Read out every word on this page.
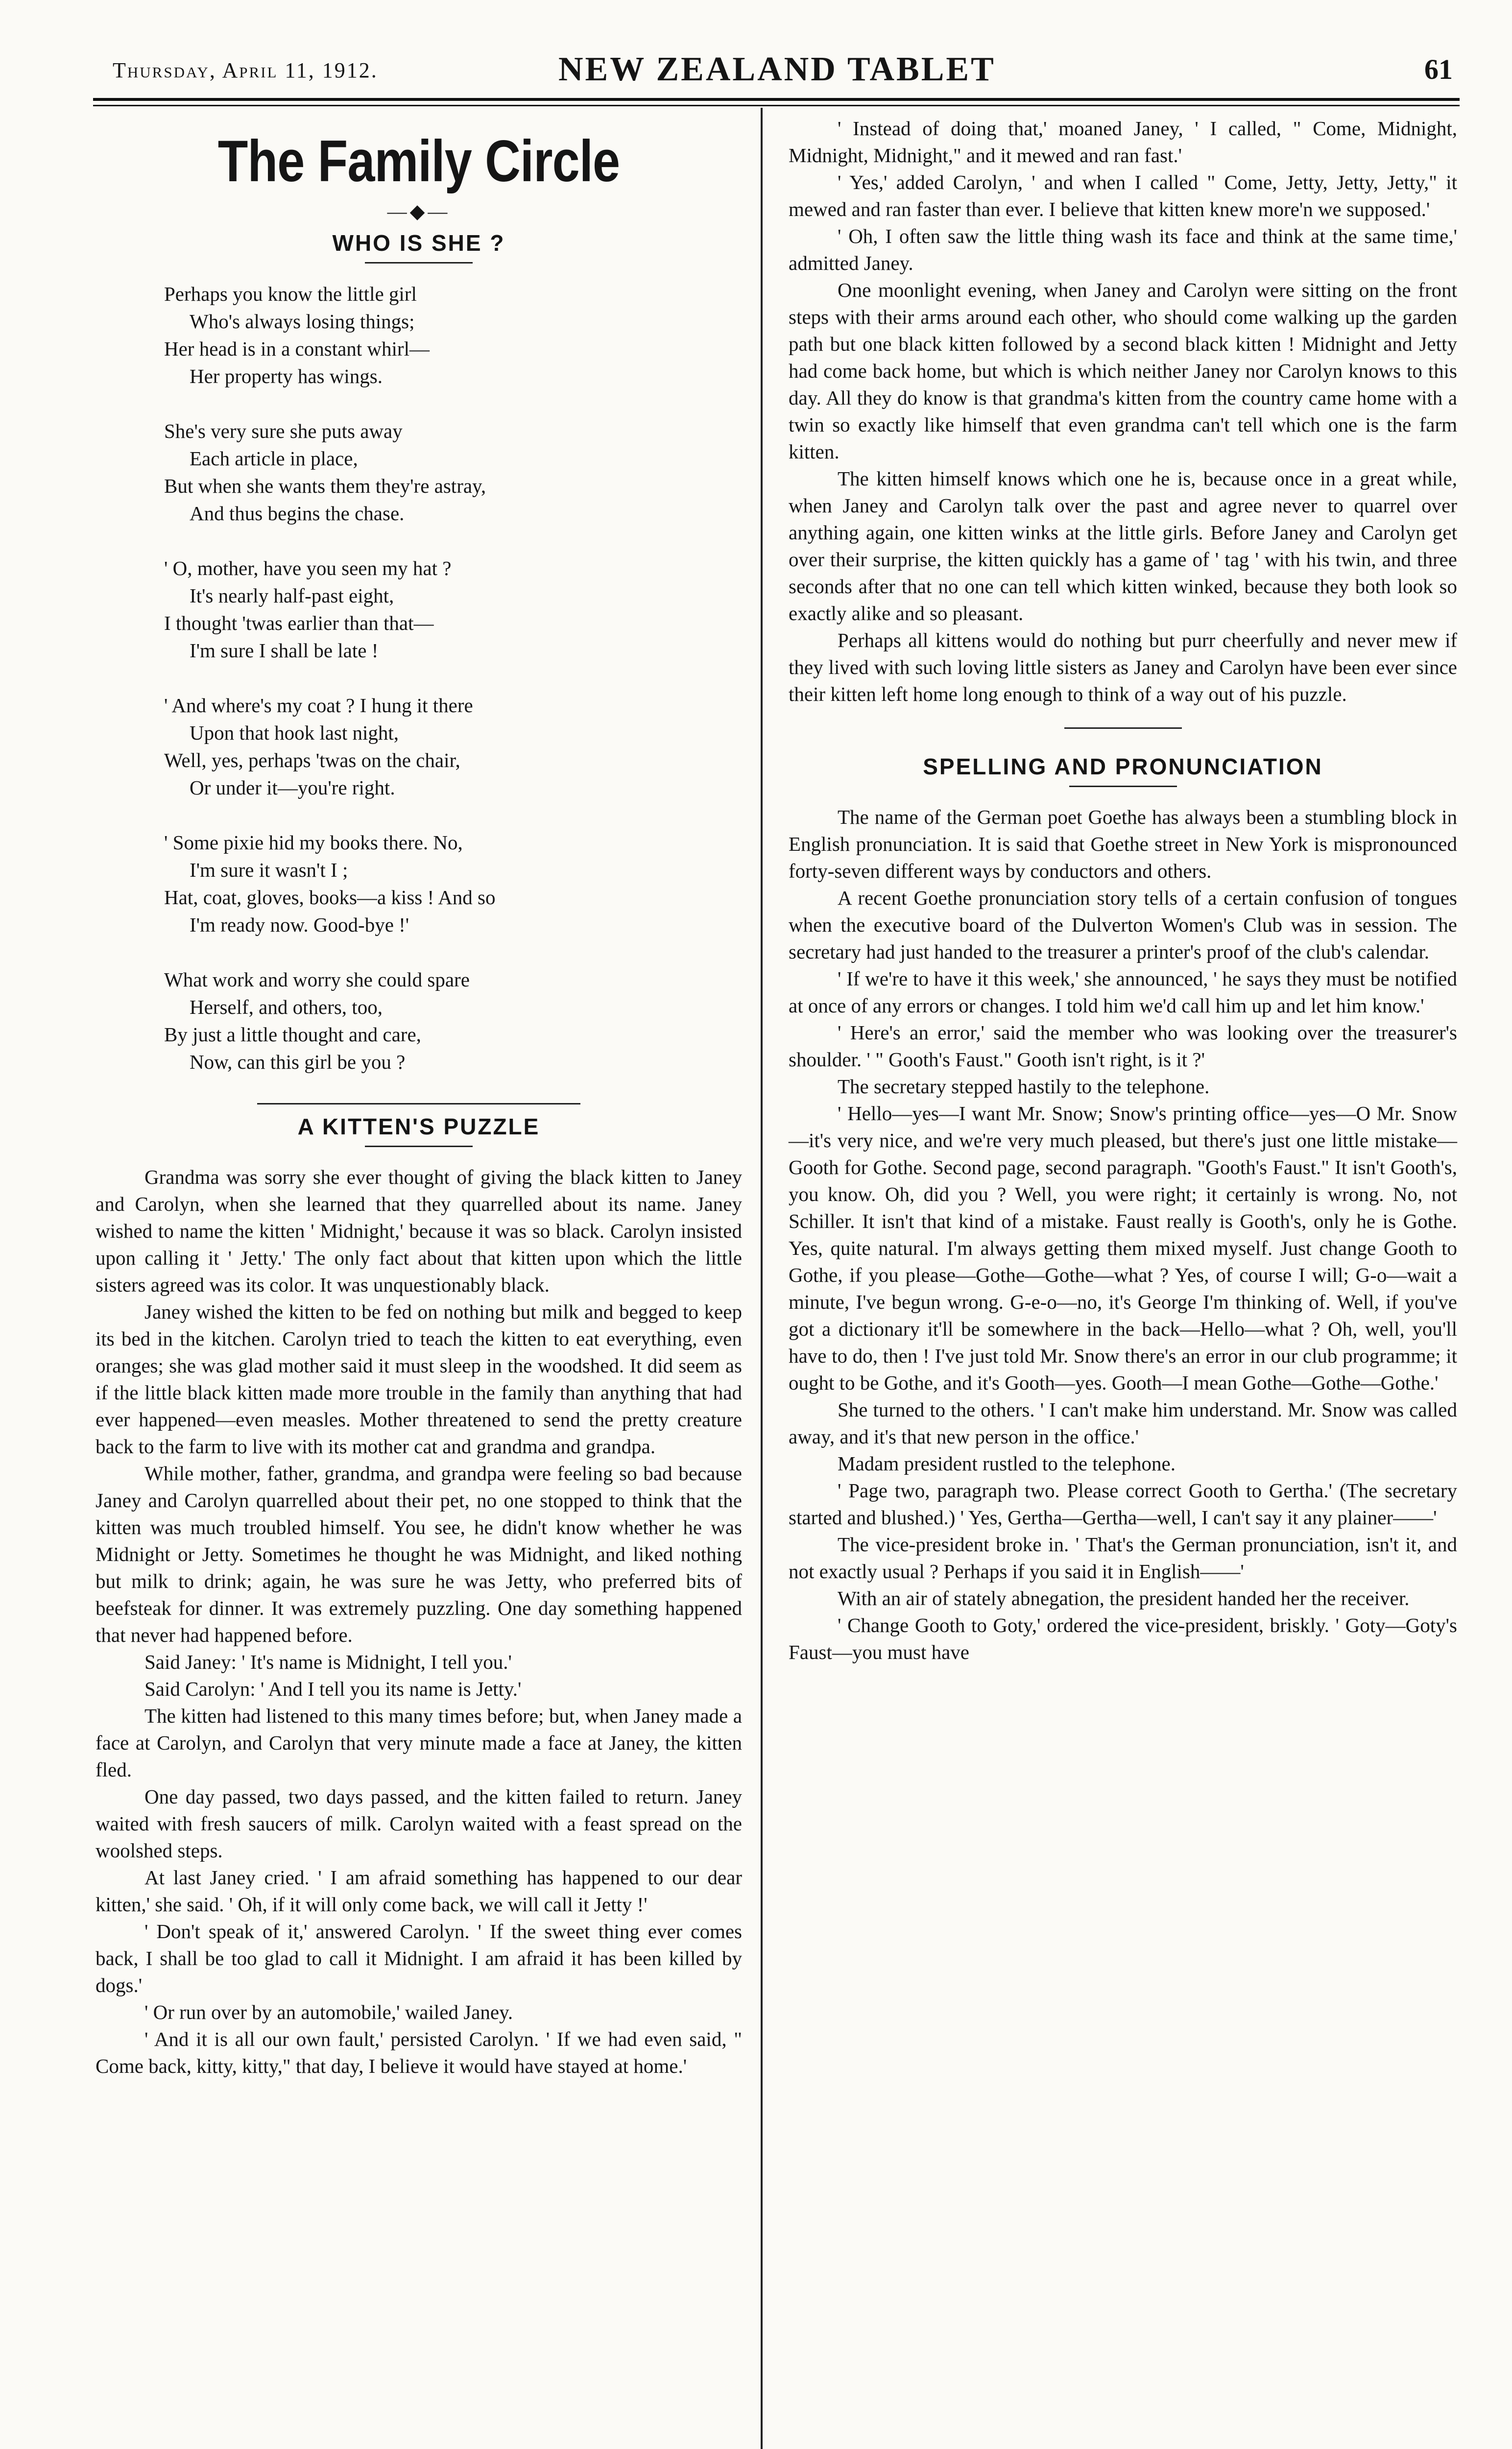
Thursday, April 11, 1912.	NEW ZEALAND TABLET	61
The Family Circle
—◆—
WHO IS SHE ?

Perhaps you know the little girl

Who's always losing things;

Her head is in a constant whirl—

Her property has wings.

She's very sure she puts away

Each article in place,

But when she wants them they're astray,

And thus begins the chase.

' O, mother, have you seen my hat ?

It's nearly half-past eight,

I thought 'twas earlier than that—

I'm sure I shall be late !

' And where's my coat ? I hung it there

Upon that hook last night,

Well, yes, perhaps 'twas on the chair,

Or under it—you're right.

' Some pixie hid my books there. No,

I'm sure it wasn't I ;

Hat, coat, gloves, books—a kiss ! And so

I'm ready now. Good-bye !'

What work and worry she could spare

Herself, and others, too,

By just a little thought and care,

Now, can this girl be you ?

A KITTEN'S PUZZLE

Grandma was sorry she ever thought of giving the black kitten to Janey and Carolyn, when she learned that they quarrelled about its name. Janey wished to name the kitten ' Midnight,' because it was so black. Carolyn insisted upon calling it ' Jetty.' The only fact about that kitten upon which the little sisters agreed was its color. It was unquestionably black.

Janey wished the kitten to be fed on nothing but milk and begged to keep its bed in the kitchen. Carolyn tried to teach the kitten to eat everything, even oranges; she was glad mother said it must sleep in the woodshed. It did seem as if the little black kitten made more trouble in the family than anything that had ever happened—even measles. Mother threatened to send the pretty creature back to the farm to live with its mother cat and grandma and grandpa.

While mother, father, grandma, and grandpa were feeling so bad because Janey and Carolyn quarrelled about their pet, no one stopped to think that the kitten was much troubled himself. You see, he didn't know whether he was Midnight or Jetty. Sometimes he thought he was Midnight, and liked nothing but milk to drink; again, he was sure he was Jetty, who preferred bits of beefsteak for dinner. It was extremely puzzling. One day something happened that never had happened before.

Said Janey: ' It's name is Midnight, I tell you.'

Said Carolyn: ' And I tell you its name is Jetty.'

The kitten had listened to this many times before; but, when Janey made a face at Carolyn, and Carolyn that very minute made a face at Janey, the kitten fled.

One day passed, two days passed, and the kitten failed to return. Janey waited with fresh saucers of milk. Carolyn waited with a feast spread on the woolshed steps.

At last Janey cried. ' I am afraid something has happened to our dear kitten,' she said. ' Oh, if it will only come back, we will call it Jetty !'

' Don't speak of it,' answered Carolyn. ' If the sweet thing ever comes back, I shall be too glad to call it Midnight. I am afraid it has been killed by dogs.'

' Or run over by an automobile,' wailed Janey.

' And it is all our own fault,' persisted Carolyn. ' If we had even said, " Come back, kitty, kitty," that day, I believe it would have stayed at home.'

' Instead of doing that,' moaned Janey, ' I called, " Come, Midnight, Midnight, Midnight," and it mewed and ran fast.'

' Yes,' added Carolyn, ' and when I called " Come, Jetty, Jetty, Jetty," it mewed and ran faster than ever. I believe that kitten knew more'n we supposed.'

' Oh, I often saw the little thing wash its face and think at the same time,' admitted Janey.

One moonlight evening, when Janey and Carolyn were sitting on the front steps with their arms around each other, who should come walking up the garden path but one black kitten followed by a second black kitten ! Midnight and Jetty had come back home, but which is which neither Janey nor Carolyn knows to this day. All they do know is that grandma's kitten from the country came home with a twin so exactly like himself that even grandma can't tell which one is the farm kitten.

The kitten himself knows which one he is, because once in a great while, when Janey and Carolyn talk over the past and agree never to quarrel over anything again, one kitten winks at the little girls. Before Janey and Carolyn get over their surprise, the kitten quickly has a game of ' tag ' with his twin, and three seconds after that no one can tell which kitten winked, because they both look so exactly alike and so pleasant.

Perhaps all kittens would do nothing but purr cheerfully and never mew if they lived with such loving little sisters as Janey and Carolyn have been ever since their kitten left home long enough to think of a way out of his puzzle.

SPELLING AND PRONUNCIATION

The name of the German poet Goethe has always been a stumbling block in English pronunciation. It is said that Goethe street in New York is mispronounced forty-seven different ways by conductors and others.

A recent Goethe pronunciation story tells of a certain confusion of tongues when the executive board of the Dulverton Women's Club was in session. The secretary had just handed to the treasurer a printer's proof of the club's calendar.

' If we're to have it this week,' she announced, ' he says they must be notified at once of any errors or changes. I told him we'd call him up and let him know.'

' Here's an error,' said the member who was looking over the treasurer's shoulder. ' " Gooth's Faust." Gooth isn't right, is it ?'

The secretary stepped hastily to the telephone.

' Hello—yes—I want Mr. Snow; Snow's printing office—yes—O Mr. Snow—it's very nice, and we're very much pleased, but there's just one little mistake—Gooth for Gothe. Second page, second paragraph. "Gooth's Faust." It isn't Gooth's, you know. Oh, did you ? Well, you were right; it certainly is wrong. No, not Schiller. It isn't that kind of a mistake. Faust really is Gooth's, only he is Gothe. Yes, quite natural. I'm always getting them mixed myself. Just change Gooth to Gothe, if you please—Gothe—Gothe—what ? Yes, of course I will; G-o—wait a minute, I've begun wrong. G-e-o—no, it's George I'm thinking of. Well, if you've got a dictionary it'll be somewhere in the back—Hello—what ? Oh, well, you'll have to do, then ! I've just told Mr. Snow there's an error in our club programme; it ought to be Gothe, and it's Gooth—yes. Gooth—I mean Gothe—Gothe—Gothe.'

She turned to the others. ' I can't make him understand. Mr. Snow was called away, and it's that new person in the office.'

Madam president rustled to the telephone.

' Page two, paragraph two. Please correct Gooth to Gertha.' (The secretary started and blushed.) ' Yes, Gertha—Gertha—well, I can't say it any plainer——'

The vice-president broke in. ' That's the German pronunciation, isn't it, and not exactly usual ? Perhaps if you said it in English——'

With an air of stately abnegation, the president handed her the receiver.

' Change Gooth to Goty,' ordered the vice-president, briskly. ' Goty—Goty's Faust—you must have
